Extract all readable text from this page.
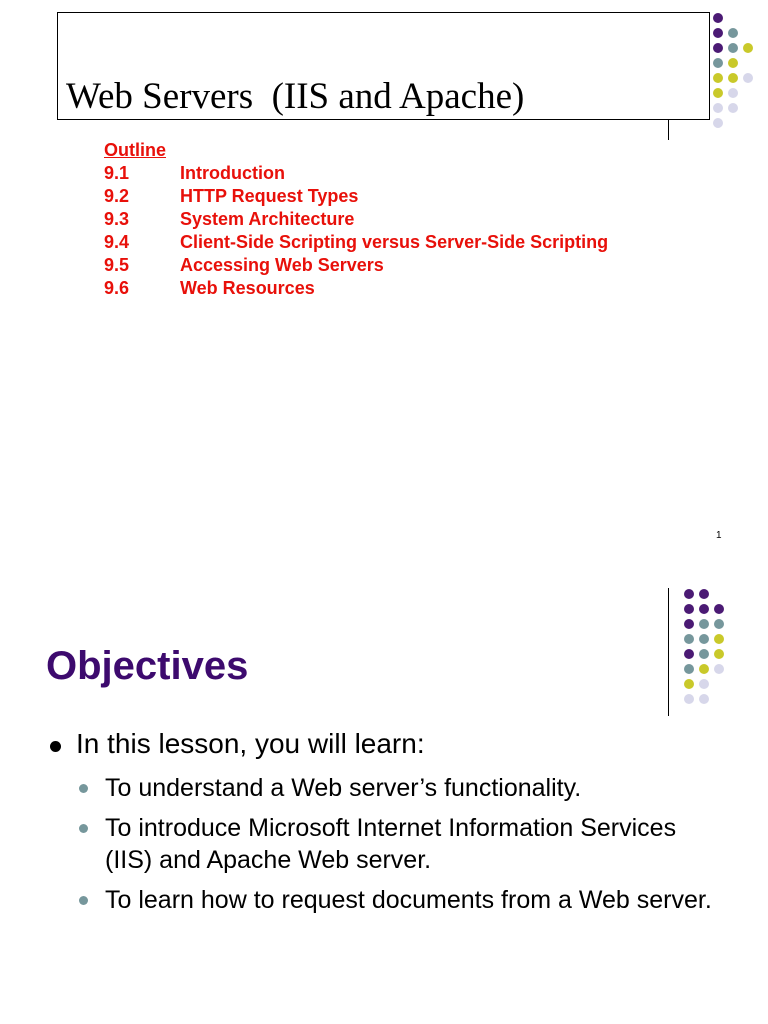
Web Servers  (IIS and Apache)
Outline
9.1	Introduction
9.2	HTTP Request Types
9.3	System Architecture
9.4	Client-Side Scripting versus Server-Side Scripting
9.5	Accessing Web Servers
9.6	Web Resources
1
Objectives
In this lesson, you will learn:
To understand a Web server’s functionality.
To introduce Microsoft Internet Information Services (IIS) and Apache Web server.
To learn how to request documents from a Web server.
